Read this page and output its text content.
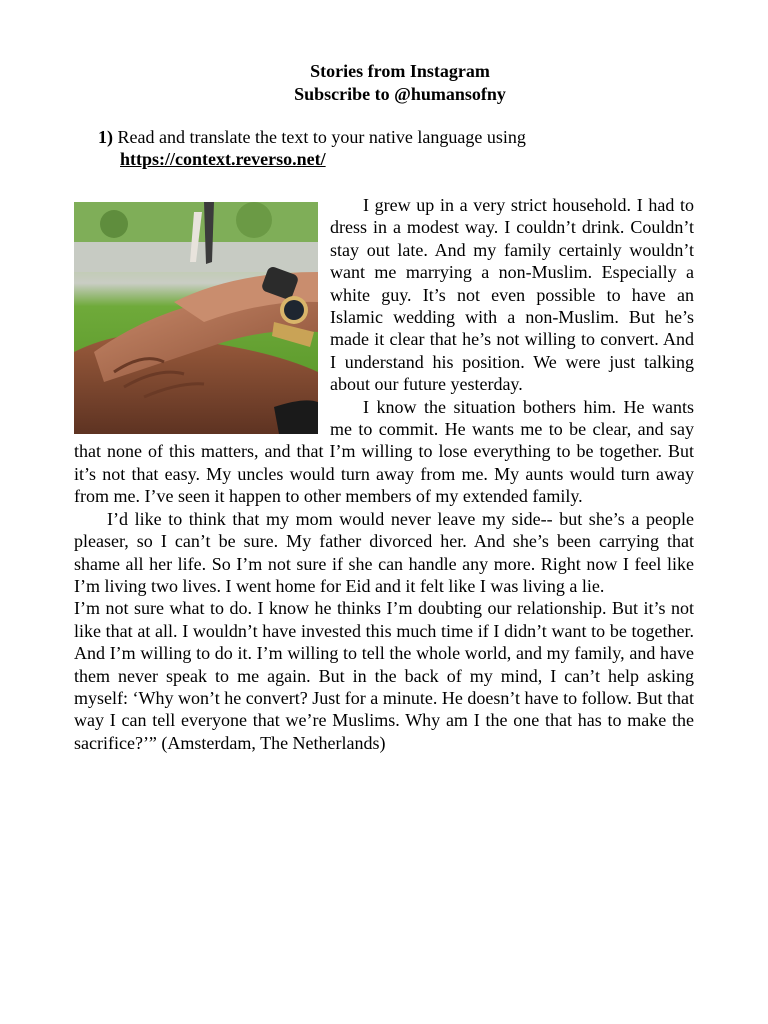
Stories from Instagram
Subscribe to @humansofny
1) Read and translate the text to your native language using
https://context.reverso.net/

I grew up in a very strict household. I had to dress in a modest way. I couldn’t drink. Couldn’t stay out late. And my family certainly wouldn’t want me marrying a non-Muslim. Especially a white guy. It’s not even possible to have an Islamic wedding with a non-Muslim. But he’s made it clear that he’s not willing to convert. And I understand his position. We were just talking about our future yesterday.

I know the situation bothers him. He wants me to commit. He wants me to be clear, and say that none of this matters, and that I’m willing to lose everything to be together. But it’s not that easy. My uncles would turn away from me. My aunts would turn away from me. I’ve seen it happen to other members of my extended family.

I’d like to think that my mom would never leave my side-- but she’s a people pleaser, so I can’t be sure. My father divorced her. And she’s been carrying that shame all her life. So I’m not sure if she can handle any more. Right now I feel like I’m living two lives. I went home for Eid and it felt like I was living a lie.

I’m not sure what to do. I know he thinks I’m doubting our relationship. But it’s not like that at all. I wouldn’t have invested this much time if I didn’t want to be together. And I’m willing to do it. I’m willing to tell the whole world, and my family, and have them never speak to me again. But in the back of my mind, I can’t help asking myself: ‘Why won’t he convert? Just for a minute. He doesn’t have to follow. But that way I can tell everyone that we’re Muslims. Why am I the one that has to make the sacrifice?’” (Amsterdam, The Netherlands)
